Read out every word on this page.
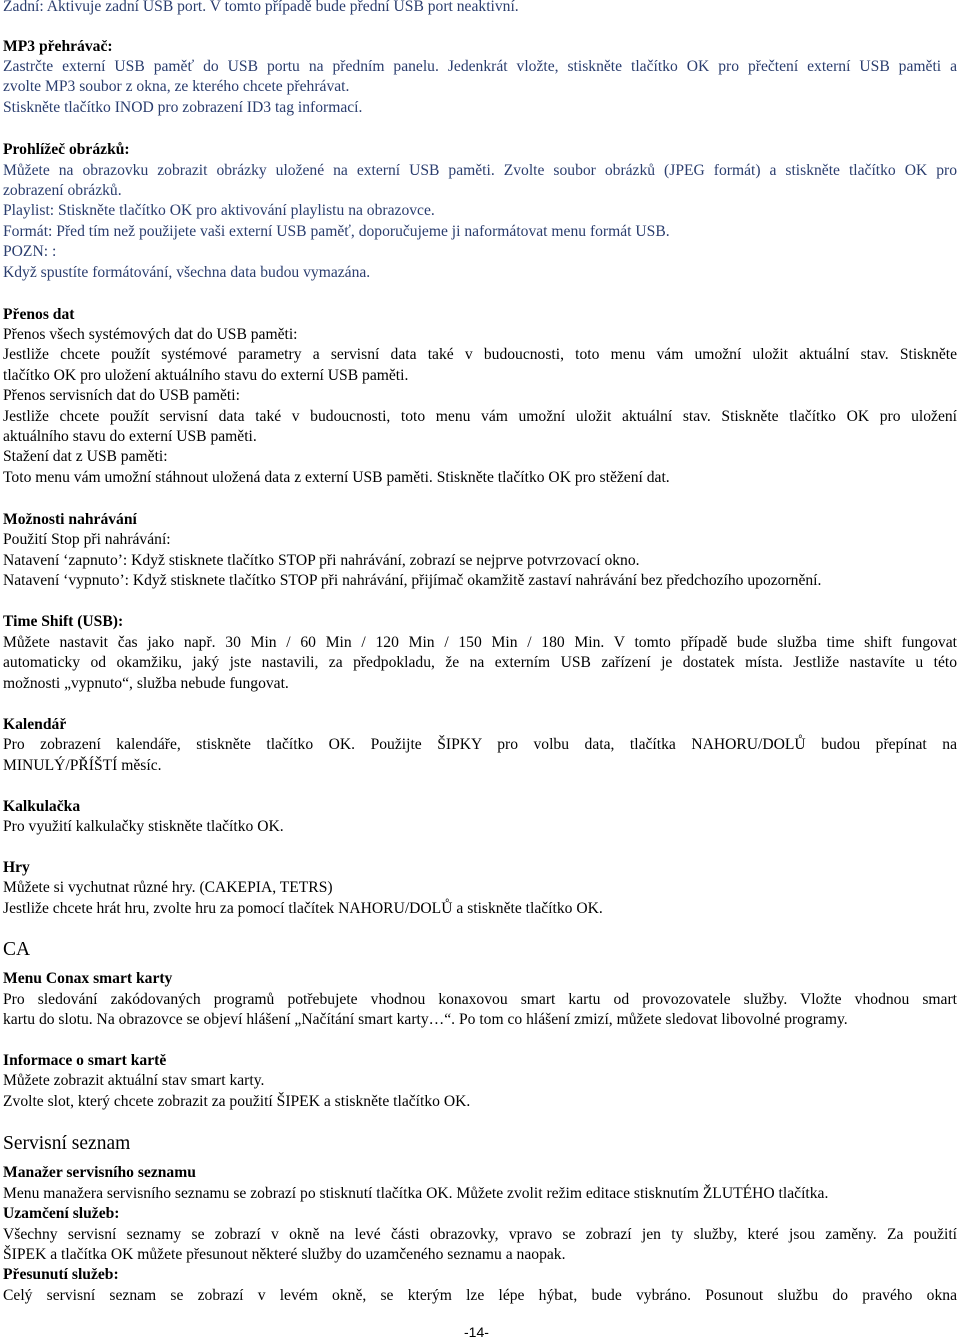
Zadní: Aktivuje zadní USB port. V tomto případě bude přední USB port neaktivní.
MP3 přehrávač:
Zastrčte externí USB paměť do USB portu na předním panelu. Jedenkrát vložte, stiskněte tlačítko OK pro přečtení externí USB paměti a
zvolte MP3 soubor z okna, ze kterého chcete přehrávat.
Stiskněte tlačítko INOD pro zobrazení ID3 tag informací.
Prohlížeč obrázků:
Můžete na obrazovku zobrazit obrázky uložené na externí USB paměti. Zvolte soubor obrázků (JPEG formát) a stiskněte tlačítko OK pro
zobrazení obrázků.
Playlist: Stiskněte tlačítko OK pro aktivování playlistu na obrazovce.
Formát: Před tím než použijete vaši externí USB paměť, doporučujeme ji naformátovat menu formát USB.
POZN: :
Když spustíte formátování, všechna data budou vymazána.
Přenos dat
Přenos všech systémových dat do USB paměti:
Jestliže chcete použít systémové parametry a servisní data také v budoucnosti, toto menu vám umožní uložit aktuální stav. Stiskněte
tlačítko OK pro uložení aktuálního stavu do externí USB paměti.
Přenos servisních dat do USB paměti:
Jestliže chcete použít servisní data také v budoucnosti, toto menu vám umožní uložit aktuální stav. Stiskněte tlačítko OK pro uložení
aktuálního stavu do externí USB paměti.
Stažení dat z USB paměti:
Toto menu vám umožní stáhnout uložená data z externí USB paměti. Stiskněte tlačítko OK pro stěžení dat.
Možnosti nahrávání
Použití Stop při nahrávání:
Natavení ‘zapnuto’: Když stisknete tlačítko STOP při nahrávání, zobrazí se nejprve potvrzovací okno.
Natavení ‘vypnuto’: Když stisknete tlačítko STOP při nahrávání, přijímač okamžitě zastaví nahrávání bez předchozího upozornění.
Time Shift (USB):
Můžete nastavit čas jako např. 30 Min / 60 Min / 120 Min / 150 Min / 180 Min. V tomto případě bude služba time shift fungovat
automaticky od okamžiku, jaký jste nastavili, za předpokladu, že na externím USB zařízení je dostatek místa. Jestliže nastavíte u této
možnosti „vypnuto“, služba nebude fungovat.
Kalendář
Pro zobrazení kalendáře, stiskněte tlačítko OK. Použijte ŠIPKY pro volbu data, tlačítka NAHORU/DOLŮ budou přepínat na
MINULÝ/PŘÍŠTÍ měsíc.
Kalkulačka
Pro využití kalkulačky stiskněte tlačítko OK.
Hry
Můžete si vychutnat různé hry. (CAKEPIA, TETRS)
Jestliže chcete hrát hru, zvolte hru za pomocí tlačítek NAHORU/DOLŮ a stiskněte tlačítko OK.
CA
Menu Conax smart karty
Pro sledování zakódovaných programů potřebujete vhodnou konaxovou smart kartu od provozovatele služby. Vložte vhodnou smart
kartu do slotu. Na obrazovce se objeví hlášení „Načítání smart karty…“. Po tom co hlášení zmizí, můžete sledovat libovolné programy.
Informace o smart kartě
Můžete zobrazit aktuální stav smart karty.
Zvolte slot, který chcete zobrazit za použití ŠIPEK a stiskněte tlačítko OK.
Servisní seznam
Manažer servisního seznamu
Menu manažera servisního seznamu se zobrazí po stisknutí tlačítka OK. Můžete zvolit režim editace stisknutím ŽLUTÉHO tlačítka.
Uzamčení služeb:
Všechny servisní seznamy se zobrazí v okně na levé části obrazovky, vpravo se zobrazí jen ty služby, které jsou zaměny. Za použití
ŠIPEK a tlačítka OK můžete přesunout některé služby do uzamčeného seznamu a naopak.
Přesunutí služeb:
Celý servisní seznam se zobrazí v levém okně, se kterým lze lépe hýbat, bude vybráno. Posunout službu do pravého okna
-14-
